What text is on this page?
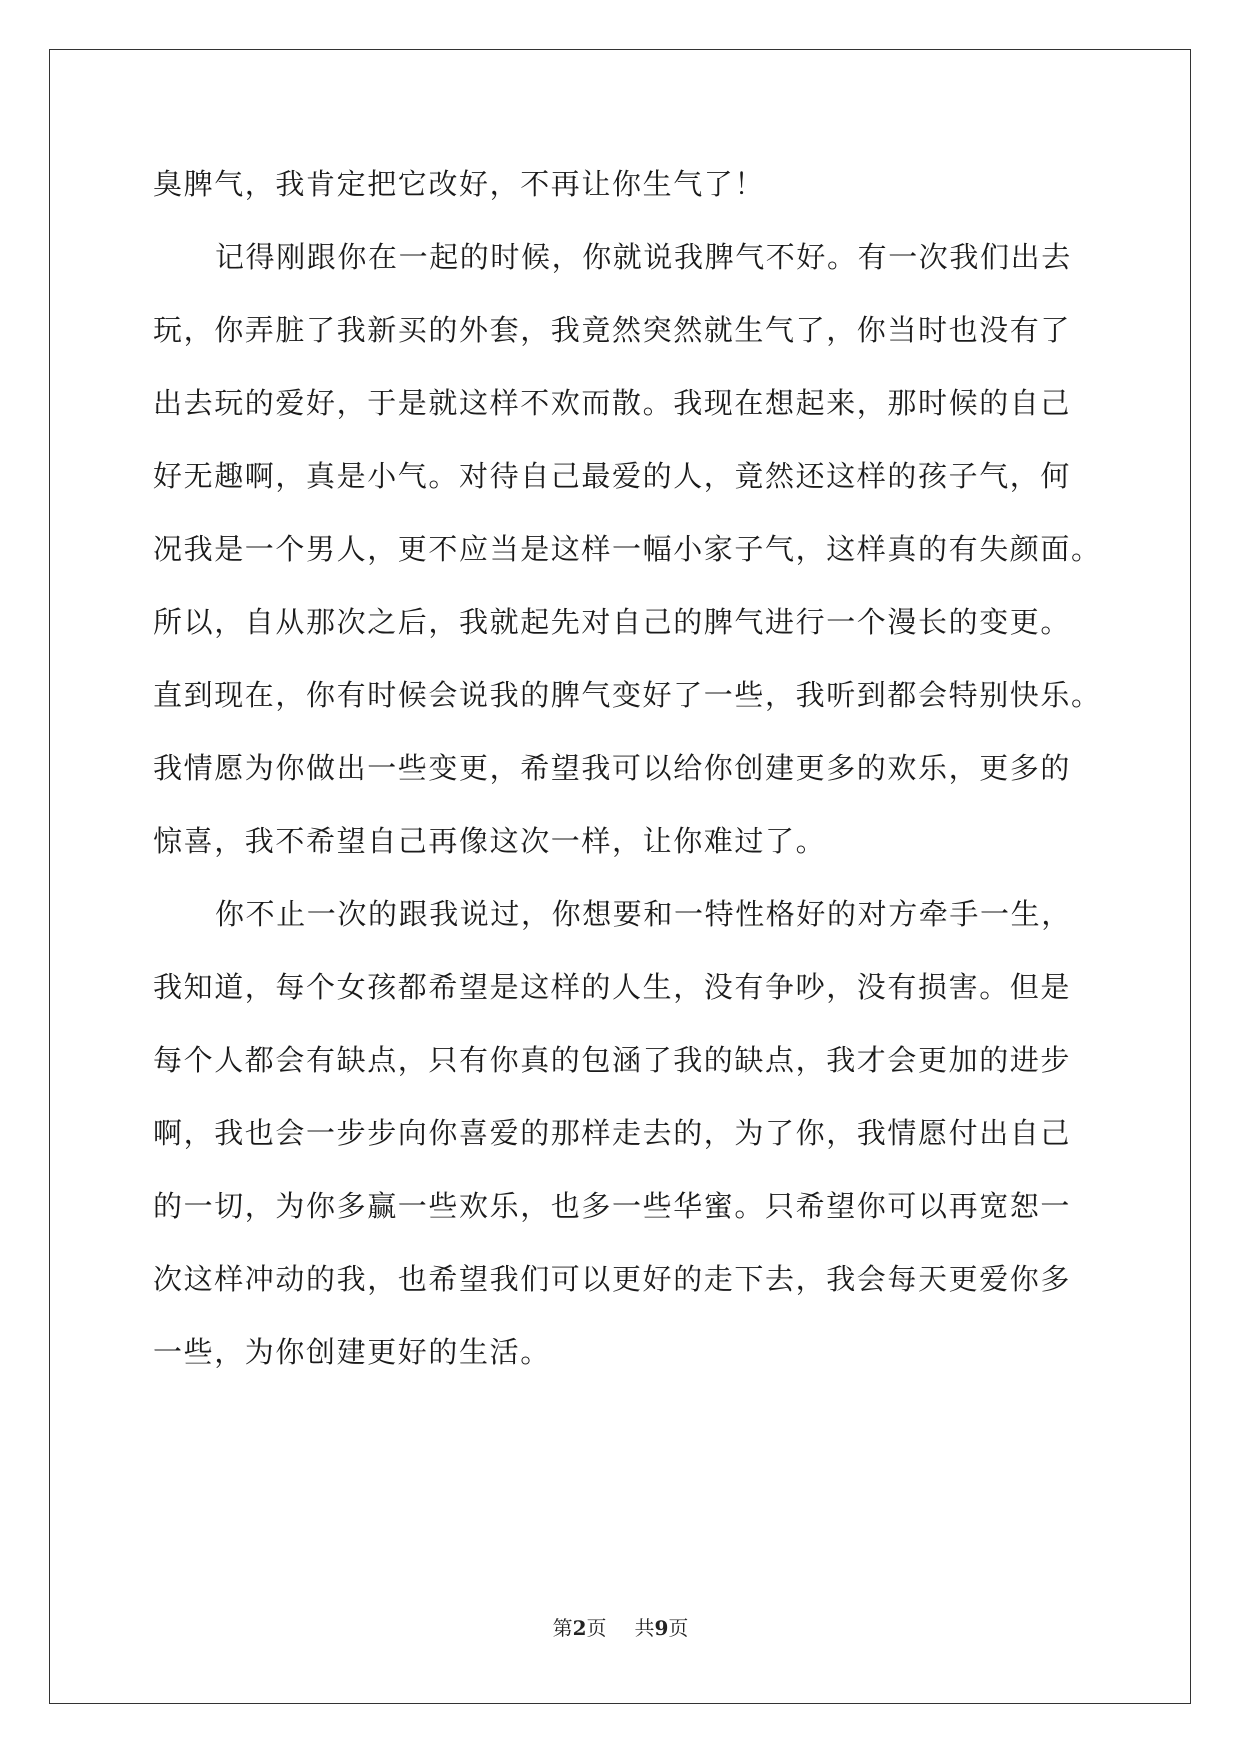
臭脾气，我肯定把它改好，不再让你生气了！
记得刚跟你在一起的时候，你就说我脾气不好。有一次我们出去
玩，你弄脏了我新买的外套，我竟然突然就生气了，你当时也没有了
出去玩的爱好，于是就这样不欢而散。我现在想起来，那时候的自己
好无趣啊，真是小气。对待自己最爱的人，竟然还这样的孩子气，何
况我是一个男人，更不应当是这样一幅小家子气，这样真的有失颜面。
所以，自从那次之后，我就起先对自己的脾气进行一个漫长的变更。
直到现在，你有时候会说我的脾气变好了一些，我听到都会特别快乐。
我情愿为你做出一些变更，希望我可以给你创建更多的欢乐，更多的
惊喜，我不希望自己再像这次一样，让你难过了。
你不止一次的跟我说过，你想要和一特性格好的对方牵手一生，
我知道，每个女孩都希望是这样的人生，没有争吵，没有损害。但是
每个人都会有缺点，只有你真的包涵了我的缺点，我才会更加的进步
啊，我也会一步步向你喜爱的那样走去的，为了你，我情愿付出自己
的一切，为你多赢一些欢乐，也多一些华蜜。只希望你可以再宽恕一
次这样冲动的我，也希望我们可以更好的走下去，我会每天更爱你多
一些，为你创建更好的生活。
第2页 共9页
